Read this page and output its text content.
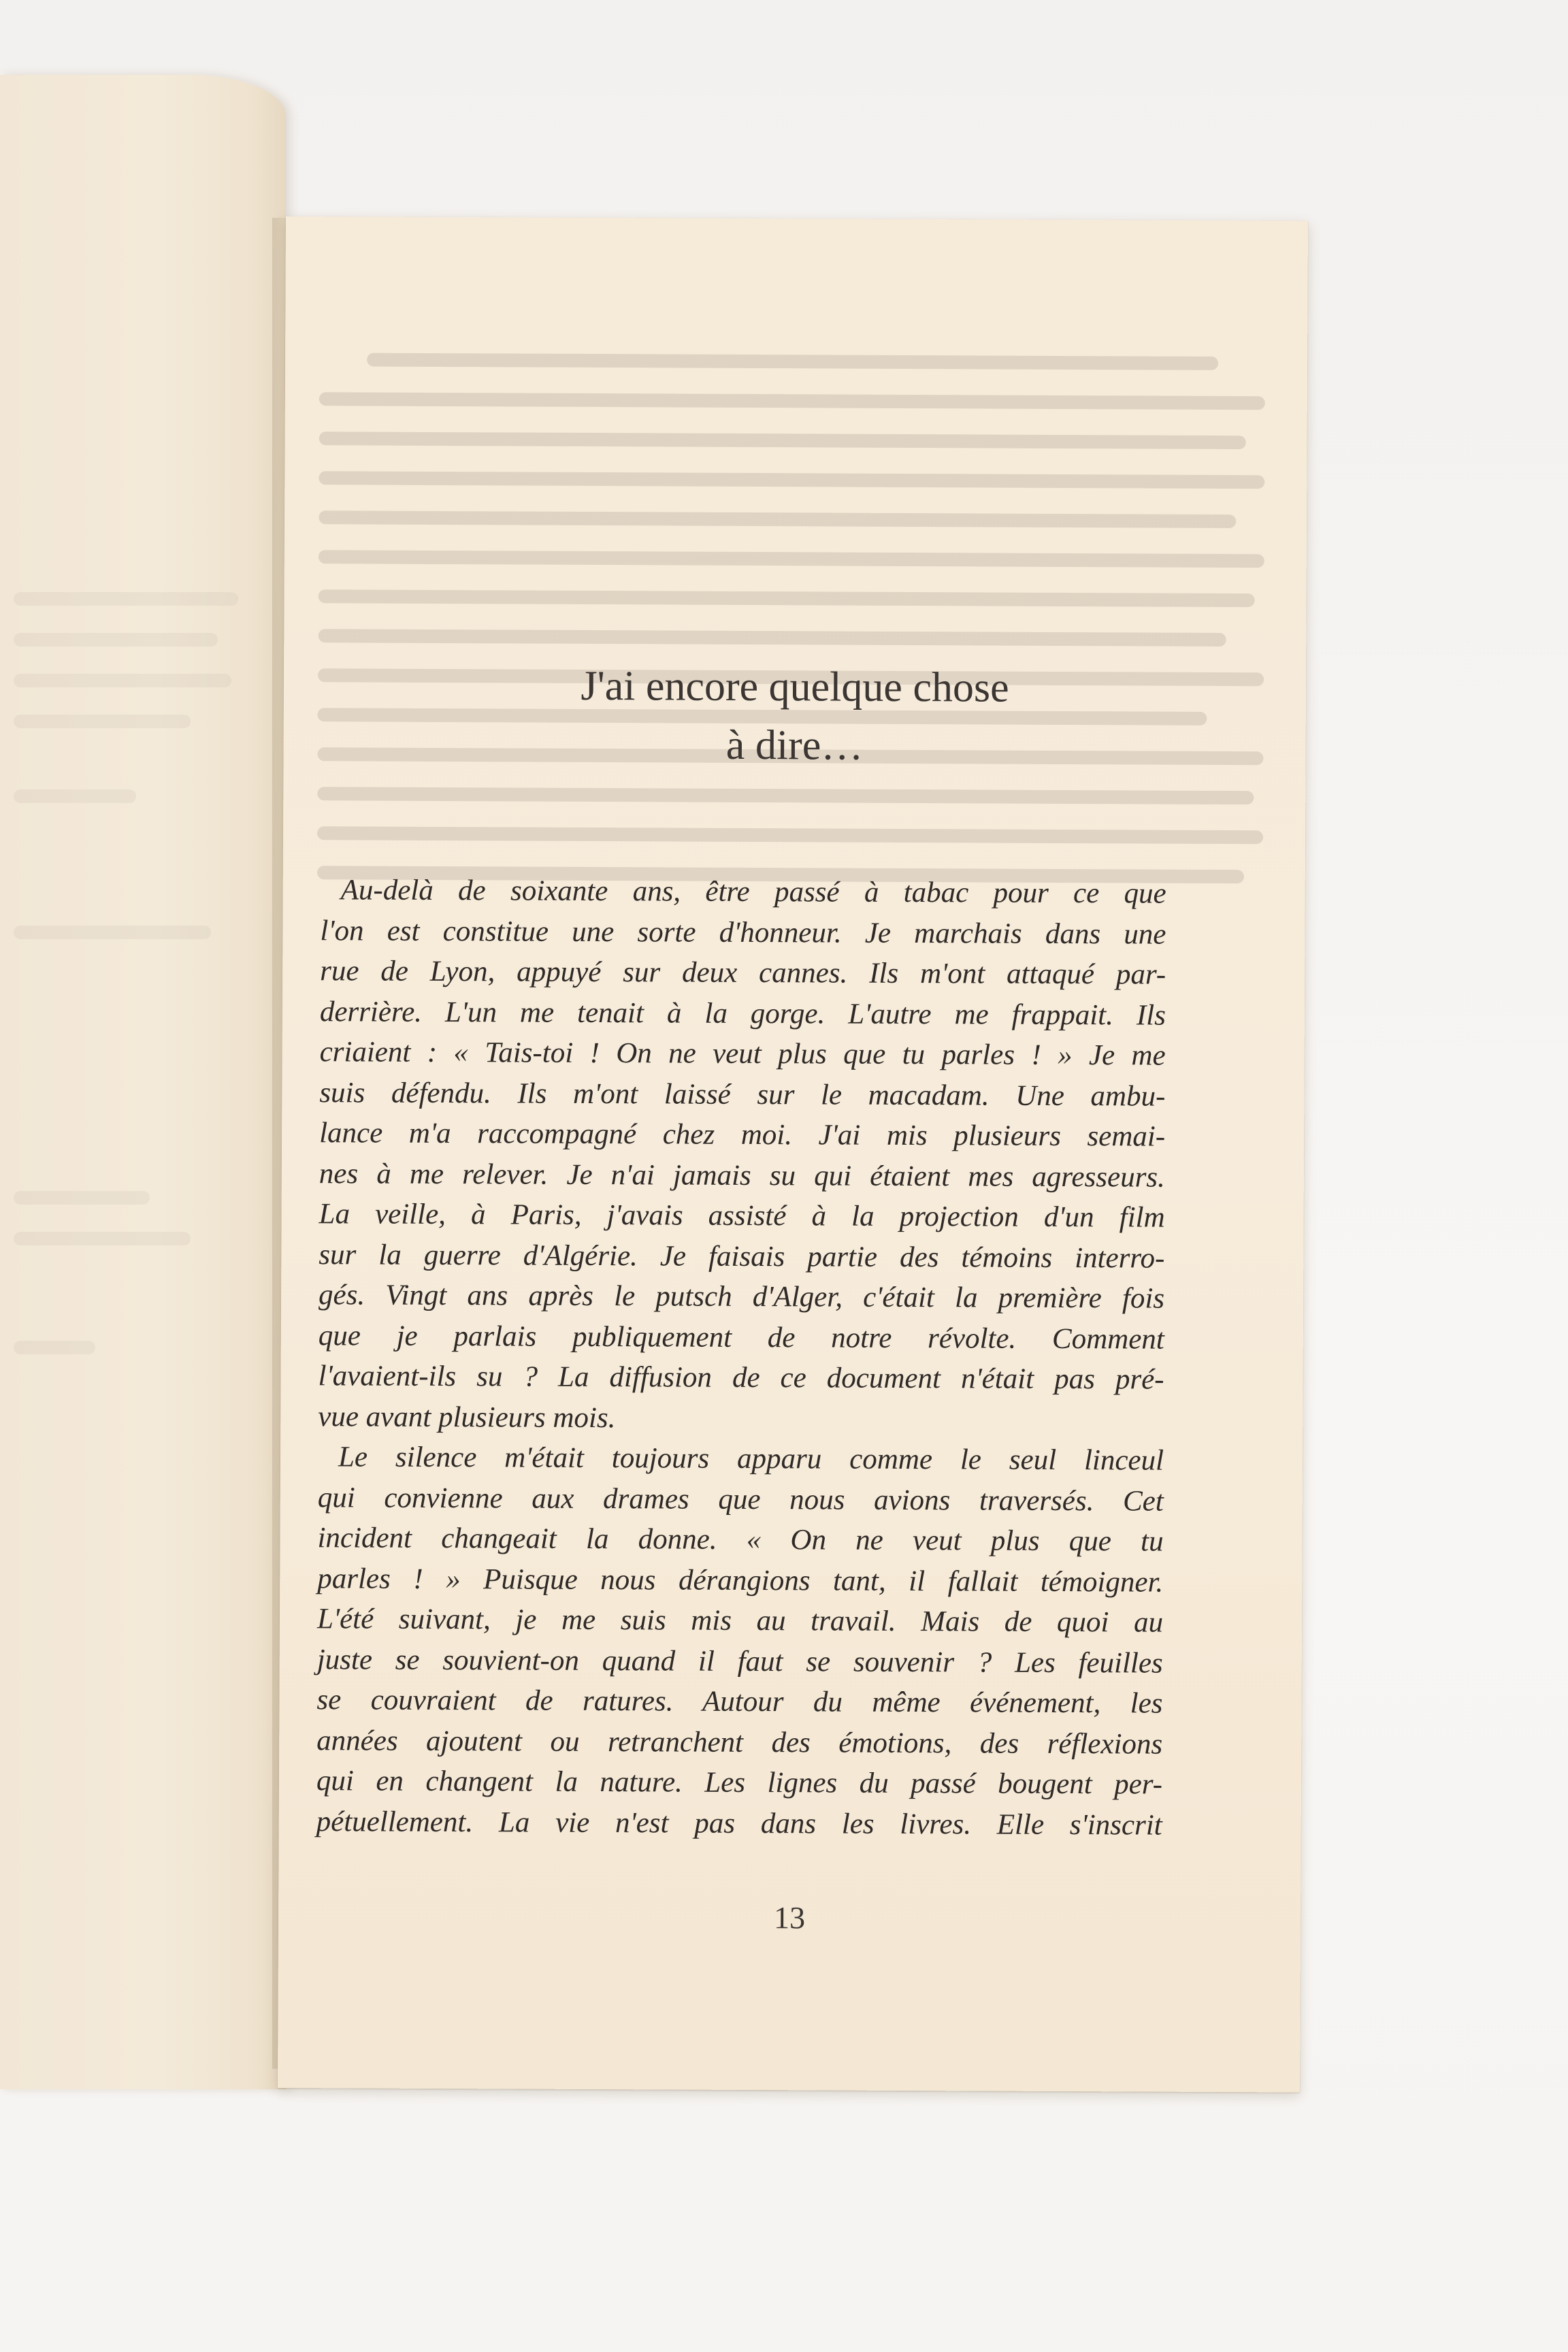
J'ai encore quelque chose
à dire…

Au-delà de soixante ans, être passé à tabac pour ce que
l'on est constitue une sorte d'honneur. Je marchais dans une
rue de Lyon, appuyé sur deux cannes. Ils m'ont attaqué par-
derrière. L'un me tenait à la gorge. L'autre me frappait. Ils
criaient : « Tais-toi ! On ne veut plus que tu parles ! » Je me
suis défendu. Ils m'ont laissé sur le macadam. Une ambu-
lance m'a raccompagné chez moi. J'ai mis plusieurs semai-
nes à me relever. Je n'ai jamais su qui étaient mes agresseurs.
La veille, à Paris, j'avais assisté à la projection d'un film
sur la guerre d'Algérie. Je faisais partie des témoins interro-
gés. Vingt ans après le putsch d'Alger, c'était la première fois
que je parlais publiquement de notre révolte. Comment
l'avaient-ils su ? La diffusion de ce document n'était pas pré-
vue avant plusieurs mois.

Le silence m'était toujours apparu comme le seul linceul
qui convienne aux drames que nous avions traversés. Cet
incident changeait la donne. « On ne veut plus que tu
parles ! » Puisque nous dérangions tant, il fallait témoigner.
L'été suivant, je me suis mis au travail. Mais de quoi au
juste se souvient-on quand il faut se souvenir ? Les feuilles
se couvraient de ratures. Autour du même événement, les
années ajoutent ou retranchent des émotions, des réflexions
qui en changent la nature. Les lignes du passé bougent per-
pétuellement. La vie n'est pas dans les livres. Elle s'inscrit

13
